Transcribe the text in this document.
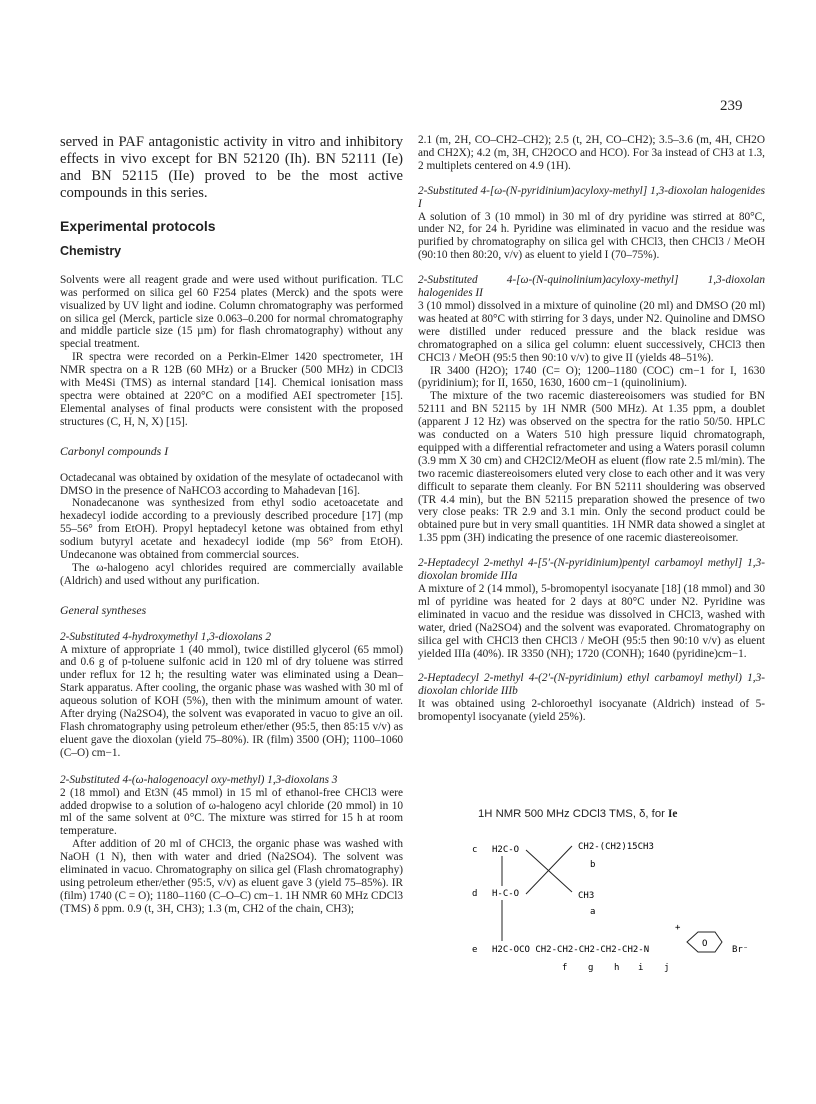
239

served in PAF antagonistic activity in vitro and inhibitory effects in vivo except for BN 52120 (Ih). BN 52111 (Ie) and BN 52115 (IIe) proved to be the most active compounds in this series.

Experimental protocols
Chemistry

Solvents were all reagent grade and were used without purification. TLC was performed on silica gel 60 F254 plates (Merck) and the spots were visualized by UV light and iodine. Column chromatography was performed on silica gel (Merck, particle size 0.063–0.200 for normal chromatography and middle particle size (15 µm) for flash chromatography) without any special treatment.

IR spectra were recorded on a Perkin-Elmer 1420 spectrometer, 1H NMR spectra on a R 12B (60 MHz) or a Brucker (500 MHz) in CDCl3 with Me4Si (TMS) as internal standard [14]. Chemical ionisation mass spectra were obtained at 220°C on a modified AEI spectrometer [15]. Elemental analyses of final products were consistent with the proposed structures (C, H, N, X) [15].

Carbonyl compounds I

Octadecanal was obtained by oxidation of the mesylate of octadecanol with DMSO in the presence of NaHCO3 according to Mahadevan [16].

Nonadecanone was synthesized from ethyl sodio acetoacetate and hexadecyl iodide according to a previously described procedure [17] (mp 55–56° from EtOH). Propyl heptadecyl ketone was obtained from ethyl sodium butyryl acetate and hexadecyl iodide (mp 56° from EtOH). Undecanone was obtained from commercial sources.

The ω-halogeno acyl chlorides required are commercially available (Aldrich) and used without any purification.

General syntheses
2-Substituted 4-hydroxymethyl 1,3-dioxolans 2

A mixture of appropriate 1 (40 mmol), twice distilled glycerol (65 mmol) and 0.6 g of p-toluene sulfonic acid in 120 ml of dry toluene was stirred under reflux for 12 h; the resulting water was eliminated using a Dean–Stark apparatus. After cooling, the organic phase was washed with 30 ml of aqueous solution of KOH (5%), then with the minimum amount of water. After drying (Na2SO4), the solvent was evaporated in vacuo to give an oil. Flash chromatography using petroleum ether/ether (95:5, then 85:15 v/v) as eluent gave the dioxolan (yield 75–80%). IR (film) 3500 (OH); 1100–1060 (C–O) cm−1.

2-Substituted 4-(ω-halogenoacyl oxy-methyl) 1,3-dioxolans 3

2 (18 mmol) and Et3N (45 mmol) in 15 ml of ethanol-free CHCl3 were added dropwise to a solution of ω-halogeno acyl chloride (20 mmol) in 10 ml of the same solvent at 0°C. The mixture was stirred for 15 h at room temperature.

After addition of 20 ml of CHCl3, the organic phase was washed with NaOH (1 N), then with water and dried (Na2SO4). The solvent was eliminated in vacuo. Chromatography on silica gel (Flash chromatography) using petroleum ether/ether (95:5, v/v) as eluent gave 3 (yield 75–85%). IR (film) 1740 (C = O); 1180–1160 (C–O–C) cm−1. 1H NMR 60 MHz CDCl3 (TMS) δ ppm. 0.9 (t, 3H, CH3); 1.3 (m, CH2 of the chain, CH3);

2.1 (m, 2H, CO–CH2–CH2); 2.5 (t, 2H, CO–CH2); 3.5–3.6 (m, 4H, CH2O and CH2X); 4.2 (m, 3H, CH2OCO and HCO). For 3a instead of CH3 at 1.3, 2 multiplets centered on 4.9 (1H).

2-Substituted 4-[ω-(N-pyridinium)acyloxy-methyl] 1,3-dioxolan halogenides I

A solution of 3 (10 mmol) in 30 ml of dry pyridine was stirred at 80°C, under N2, for 24 h. Pyridine was eliminated in vacuo and the residue was purified by chromatography on silica gel with CHCl3, then CHCl3 / MeOH (90:10 then 80:20, v/v) as eluent to yield I (70–75%).

2-Substituted 4-[ω-(N-quinolinium)acyloxy-methyl] 1,3-dioxolan halogenides II

3 (10 mmol) dissolved in a mixture of quinoline (20 ml) and DMSO (20 ml) was heated at 80°C with stirring for 3 days, under N2. Quinoline and DMSO were distilled under reduced pressure and the black residue was chromatographed on a silica gel column: eluent successively, CHCl3 then CHCl3 / MeOH (95:5 then 90:10 v/v) to give II (yields 48–51%).

IR 3400 (H2O); 1740 (C= O); 1200–1180 (COC) cm−1 for I, 1630 (pyridinium); for II, 1650, 1630, 1600 cm−1 (quinolinium).

The mixture of the two racemic diastereoisomers was studied for BN 52111 and BN 52115 by 1H NMR (500 MHz). At 1.35 ppm, a doublet (apparent J 12 Hz) was observed on the spectra for the ratio 50/50. HPLC was conducted on a Waters 510 high pressure liquid chromatograph, equipped with a differential refractometer and using a Waters porasil column (3.9 mm X 30 cm) and CH2Cl2/MeOH as eluent (flow rate 2.5 ml/min). The two racemic diastereoisomers eluted very close to each other and it was very difficult to separate them cleanly. For BN 52111 shouldering was observed (TR 4.4 min), but the BN 52115 preparation showed the presence of two very close peaks: TR 2.9 and 3.1 min. Only the second product could be obtained pure but in very small quantities. 1H NMR data showed a singlet at 1.35 ppm (3H) indicating the presence of one racemic diastereoisomer.

2-Heptadecyl 2-methyl 4-[5′-(N-pyridinium)pentyl carbamoyl methyl] 1,3-dioxolan bromide IIIa

A mixture of 2 (14 mmol), 5-bromopentyl isocyanate [18] (18 mmol) and 30 ml of pyridine was heated for 2 days at 80°C under N2. Pyridine was eliminated in vacuo and the residue was dissolved in CHCl3, washed with water, dried (Na2SO4) and the solvent was evaporated. Chromatography on silica gel with CHCl3 then CHCl3 / MeOH (95:5 then 90:10 v/v) as eluent yielded IIIa (40%). IR 3350 (NH); 1720 (CONH); 1640 (pyridine)cm−1.

2-Heptadecyl 2-methyl 4-(2′-(N-pyridinium) ethyl carbamoyl methyl) 1,3-dioxolan chloride IIIb

It was obtained using 2-chloroethyl isocyanate (Aldrich) instead of 5-bromopentyl isocyanate (yield 25%).

1H NMR 500 MHz CDCl3 TMS, δ, for Ie
c H2C-O	CH2-(CH2)15CH3
b
d H-C-O	CH3
a
e H2C-OCO CH2-CH2-CH2-CH2-CH2-N
+
O
Br⁻
f g h i j
